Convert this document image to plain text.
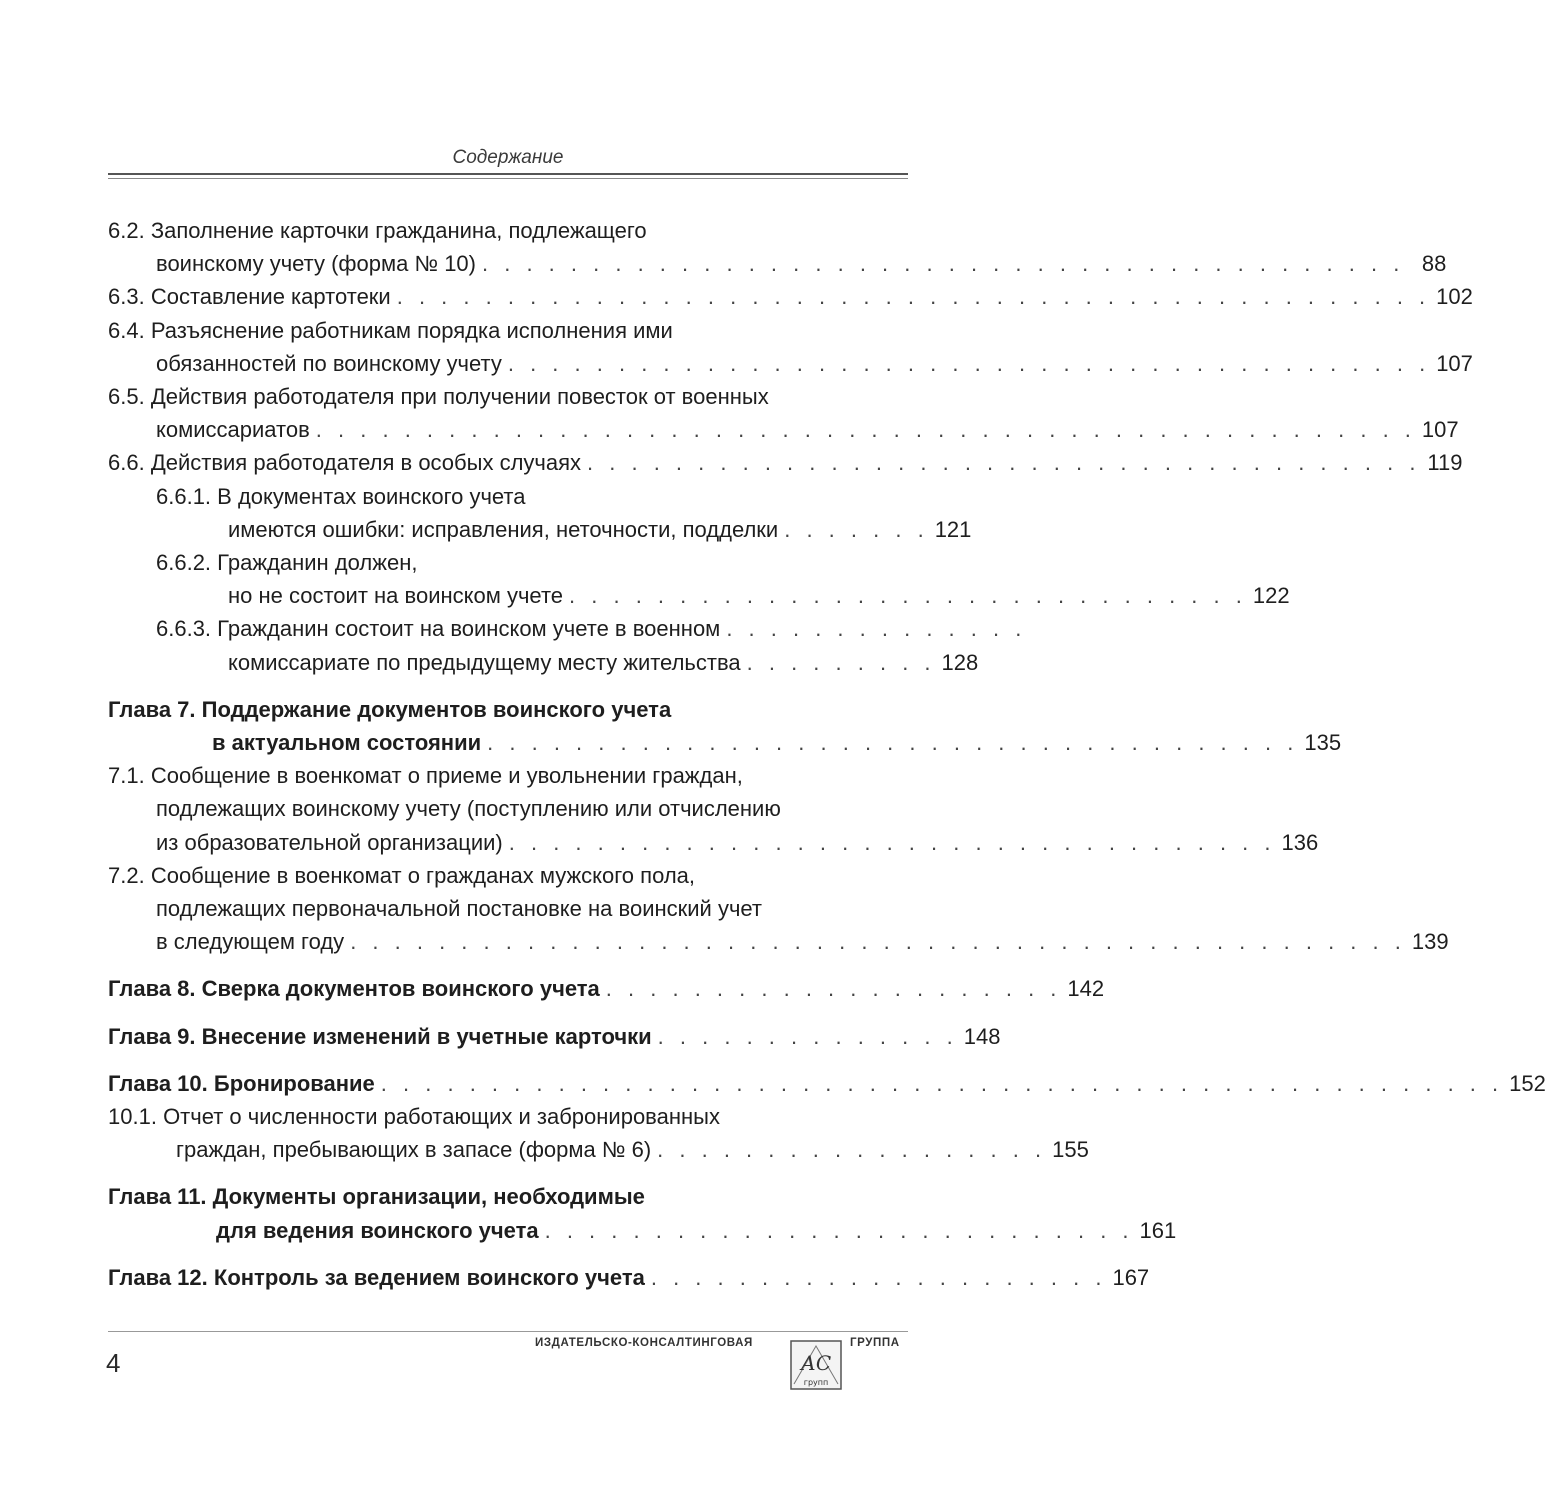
Содержание
6.2.
Заполнение карточки гражданина, подлежащего
воинскому учету (форма № 10) . . . . . . . . . . . . . . . . . . . . . . . . . . . . . . . . . . . . . . . . . . 88
6.3.
Составление картотеки . . . . . . . . . . . . . . . . . . . . . . . . . . . . . . . . . . . . . . . . . . . . . . . 102
6.4.
Разъяснение работникам порядка исполнения ими
обязанностей по воинскому учету . . . . . . . . . . . . . . . . . . . . . . . . . . . . . . . . . . . . . . . . . . 107
6.5.
Действия работодателя при получении повесток от военных
комиссариатов . . . . . . . . . . . . . . . . . . . . . . . . . . . . . . . . . . . . . . . . . . . . . . . . . . 107
6.6.
Действия работодателя в особых случаях . . . . . . . . . . . . . . . . . . . . . . . . . . . . . . . . . . . . . . 119
6.6.1.
В документах воинского учета
имеются ошибки: исправления, неточности, подделки . . . . . . . 121
6.6.2.
Гражданин должен,
но не состоит на воинском учете . . . . . . . . . . . . . . . . . . . . . . . . . . . . . . . 122
6.6.3.
Гражданин состоит на воинском учете в военном . . . . . . . . . . . . . .
комиссариате по предыдущему месту жительства . . . . . . . . . 128
Глава 7.
Поддержание документов воинского учета
в актуальном состоянии . . . . . . . . . . . . . . . . . . . . . . . . . . . . . . . . . . . . . 135
7.1.
Сообщение в военкомат о приеме и увольнении граждан,
подлежащих воинскому учету (поступлению или отчислению
из образовательной организации) . . . . . . . . . . . . . . . . . . . . . . . . . . . . . . . . . . . 136
7.2.
Сообщение в военкомат о гражданах мужского пола,
подлежащих первоначальной постановке на воинский учет
в следующем году . . . . . . . . . . . . . . . . . . . . . . . . . . . . . . . . . . . . . . . . . . . . . . . . 139
Глава 8.
Сверка документов воинского учета . . . . . . . . . . . . . . . . . . . . . 142
Глава 9.
Внесение изменений в учетные карточки . . . . . . . . . . . . . . 148
Глава 10.
Бронирование . . . . . . . . . . . . . . . . . . . . . . . . . . . . . . . . . . . . . . . . . . . . . . . . . . . 152
10.1.
Отчет о численности работающих и забронированных
граждан, пребывающих в запасе (форма № 6) . . . . . . . . . . . . . . . . . . 155
Глава 11.
Документы организации, необходимые
для ведения воинского учета . . . . . . . . . . . . . . . . . . . . . . . . . . . 161
Глава 12.
Контроль за ведением воинского учета . . . . . . . . . . . . . . . . . . . . . 167
4
ИЗДАТЕЛЬСКО-КОНСАЛТИНГОВАЯ	ГРУППА
АС
групп
